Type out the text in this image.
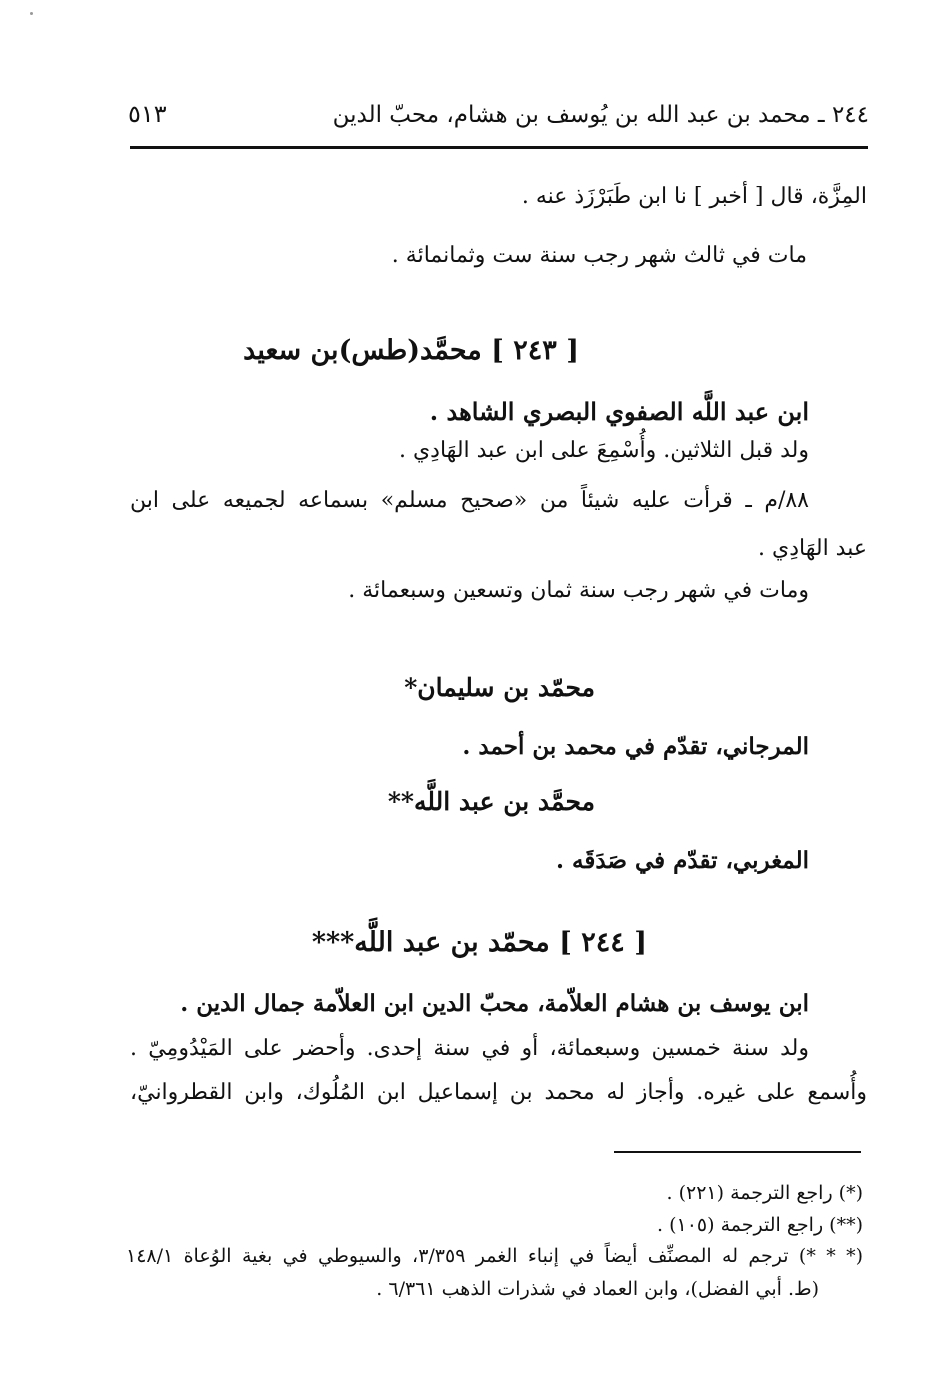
٢٤٤ ـ محمد بن عبد الله بن يُوسف بن هشام، محبّ الدين
٥١٣
المِزَّة، قال [ أخبر ] نا ابن طَبَرْزَذ عنه .
مات في ثالث شهر رجب سنة ست وثمانمائة .
[ ٢٤٣ ] محمَّد(طس)بن سعيد
ابن عبد اللَّه الصفوي البصري الشاهد .
ولد قبل الثلاثين. وأُسْمِعَ على ابن عبد الهَادِي .
٨٨/م ـ قرأت عليه شيئاً من «صحيح مسلم» بسماعه لجميعه على ابن
عبد الهَادِي .
ومات في شهر رجب سنة ثمان وتسعين وسبعمائة .
محمّد بن سليمان*
المرجاني، تقدّم في محمد بن أحمد .
محمَّد بن عبد اللَّه**
المغربي، تقدّم في صَدَقَه .
[ ٢٤٤ ] محمّد بن عبد اللَّه***
ابن يوسف بن هشام العلاّمة، محبّ الدين ابن العلاّمة جمال الدين .
ولد سنة خمسين وسبعمائة، أو في سنة إحدى. وأحضر على المَيْدُومِيّ .
وأُسمع على غيره. وأجاز له محمد بن إسماعيل ابن المُلُوك، وابن القطروانيّ،
(*) راجع الترجمة (٢٢١) .
(**) راجع الترجمة (١٠٥) .
(* * *) ترجم له المصنِّف أيضاً في إنباء الغمر ٣/٣٥٩، والسيوطي في بغية الوُعاة ١٤٨/١
(ط. أبي الفضل)، وابن العماد في شذرات الذهب ٦/٣٦١ .
